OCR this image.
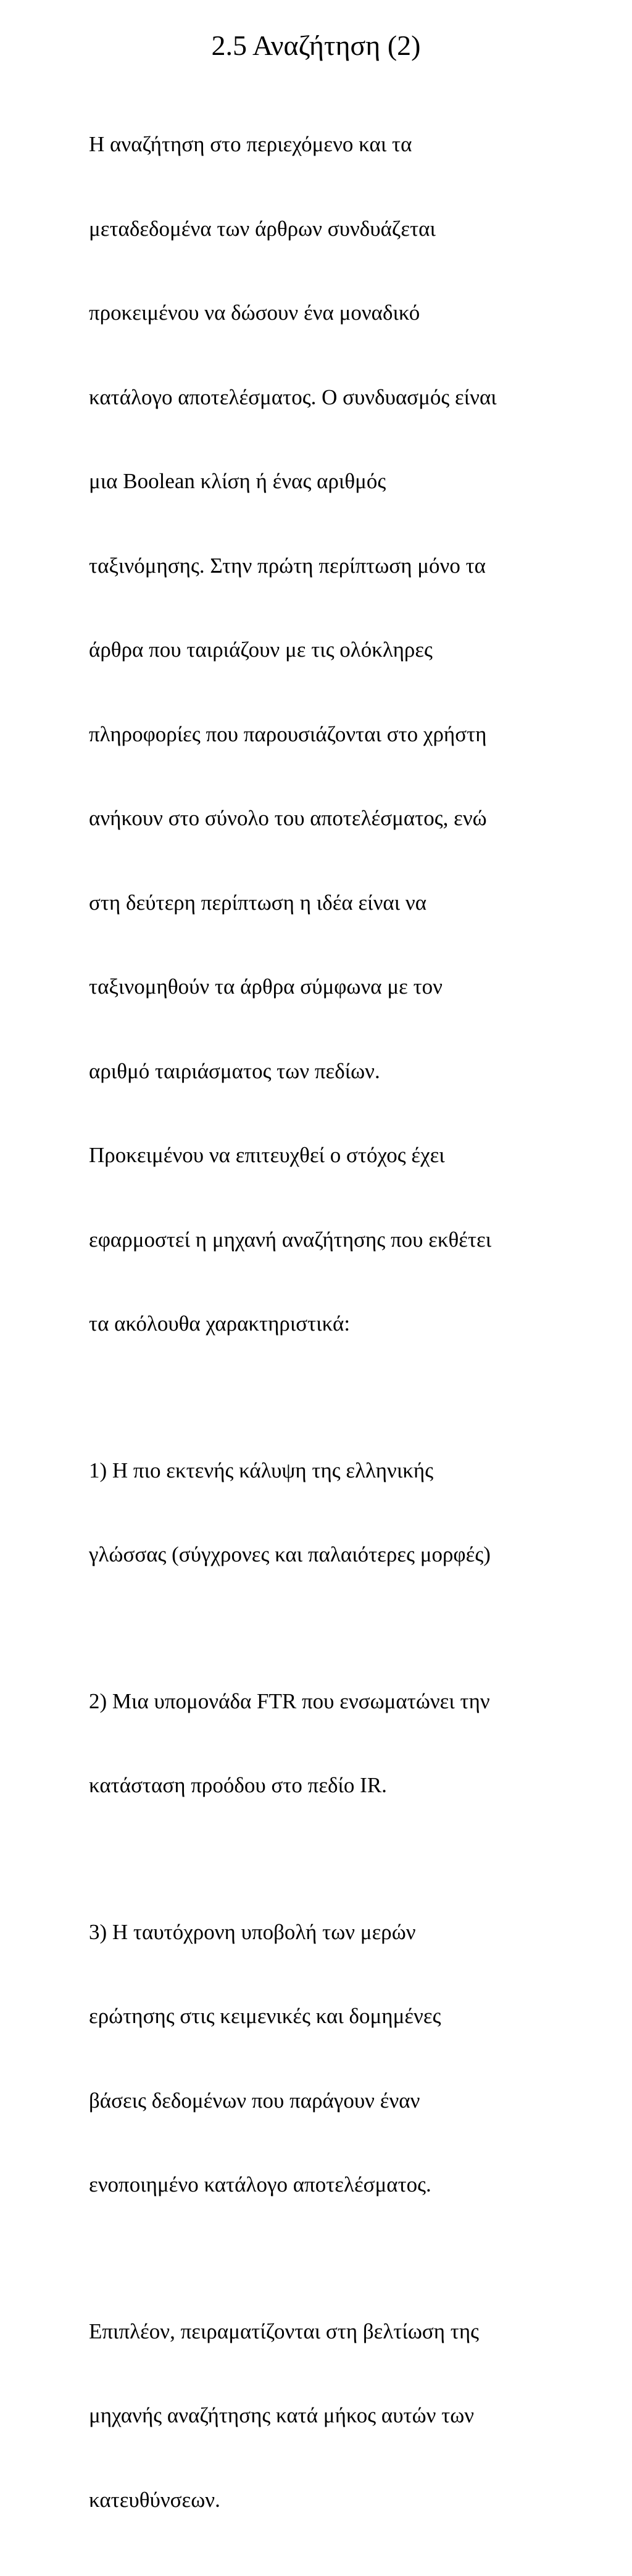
2.5 Αναζήτηση (2)

Η αναζήτηση στο περιεχόμενο και τα

μεταδεδομένα των άρθρων συνδυάζεται

προκειμένου να δώσουν ένα μοναδικό

κατάλογο αποτελέσματος. Ο συνδυασμός είναι

μια Boolean κλίση ή ένας αριθμός

ταξινόμησης. Στην πρώτη περίπτωση μόνο τα

άρθρα που ταιριάζουν με τις ολόκληρες

πληροφορίες που παρουσιάζονται στο χρήστη

ανήκουν στο σύνολο του αποτελέσματος, ενώ

στη δεύτερη περίπτωση η ιδέα είναι να

ταξινομηθούν τα άρθρα σύμφωνα με τον

αριθμό ταιριάσματος των πεδίων.

Προκειμένου να επιτευχθεί ο στόχος έχει

εφαρμοστεί η μηχανή αναζήτησης που εκθέτει

τα ακόλουθα χαρακτηριστικά:

1) Η πιο εκτενής κάλυψη της ελληνικής

γλώσσας (σύγχρονες και παλαιότερες μορφές)

2) Μια υπομονάδα FTR που ενσωματώνει την

κατάσταση προόδου στο πεδίο IR.

3) Η ταυτόχρονη υποβολή των μερών

ερώτησης στις κειμενικές και δομημένες

βάσεις δεδομένων που παράγουν έναν

ενοποιημένο κατάλογο αποτελέσματος.

Επιπλέον, πειραματίζονται στη βελτίωση της

μηχανής αναζήτησης κατά μήκος αυτών των

κατευθύνσεων.
